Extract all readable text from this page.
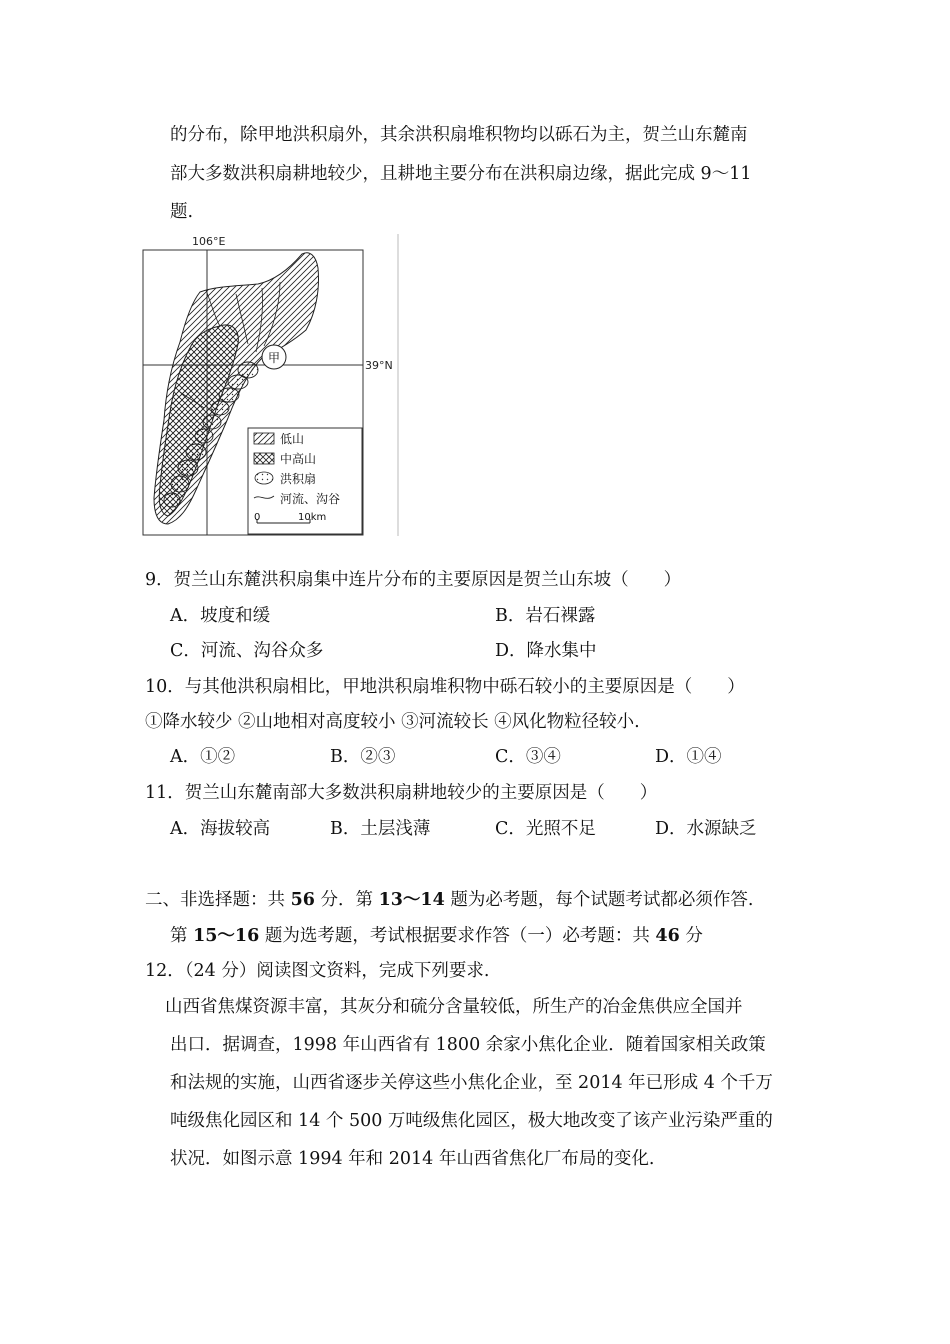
的分布，除甲地洪积扇外，其余洪积扇堆积物均以砾石为主，贺兰山东麓南
部大多数洪积扇耕地较少，且耕地主要分布在洪积扇边缘，据此完成 9～11
题.
106°E
39°N
甲
低山
中高山
洪积扇
河流、沟谷
0	10km
9．贺兰山东麓洪积扇集中连片分布的主要原因是贺兰山东坡（　　）
A．坡度和缓	B．岩石裸露
C．河流、沟谷众多	D．降水集中
10．与其他洪积扇相比，甲地洪积扇堆积物中砾石较小的主要原因是（　　）
①降水较少 ②山地相对高度较小 ③河流较长 ④风化物粒径较小.
A．①②	B．②③	C．③④	D．①④
11．贺兰山东麓南部大多数洪积扇耕地较少的主要原因是（　　）
A．海拔较高	B．土层浅薄	C．光照不足	D．水源缺乏
二、非选择题：共 56 分．第 13～14 题为必考题，每个试题考试都必须作答.
第 15～16 题为选考题，考试根据要求作答（一）必考题：共 46 分
12．（24 分）阅读图文资料，完成下列要求.
山西省焦煤资源丰富，其灰分和硫分含量较低，所生产的冶金焦供应全国并
出口．据调查，1998 年山西省有 1800 余家小焦化企业．随着国家相关政策
和法规的实施，山西省逐步关停这些小焦化企业，至 2014 年已形成 4 个千万
吨级焦化园区和 14 个 500 万吨级焦化园区，极大地改变了该产业污染严重的
状况．如图示意 1994 年和 2014 年山西省焦化厂布局的变化.
